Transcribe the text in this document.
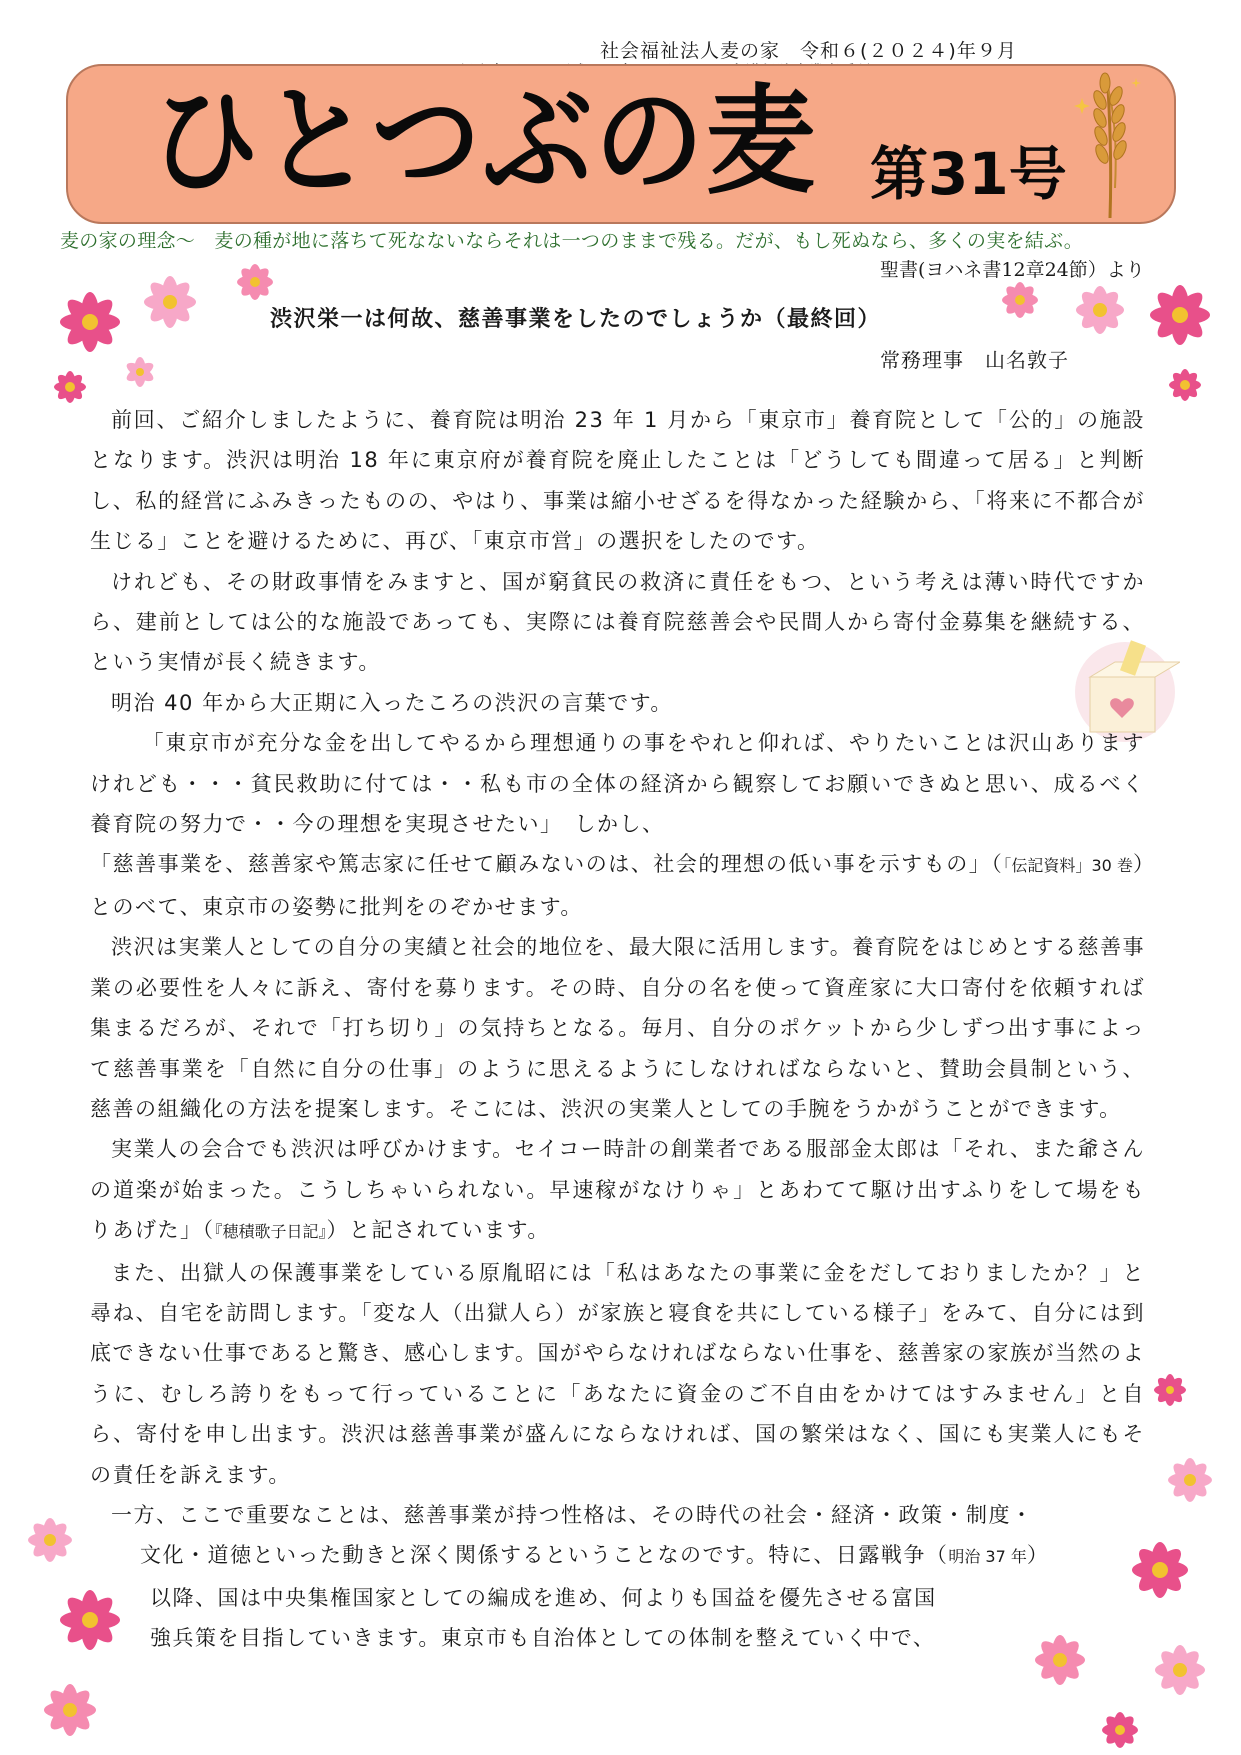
社会福祉法人麦の家　令和６(２０２４)年９月
ひとつぶの麦 第31号
麦の家の理念～　麦の種が地に落ちて死なないならそれは一つのままで残る。だが、もし死ぬなら、多くの実を結ぶ。
聖書(ヨハネ書12章24節）より
渋沢栄一は何故、慈善事業をしたのでしょうか（最終回）
常務理事　山名敦子

前回、ご紹介しましたように、養育院は明治 23 年 1 月から「東京市」養育院として「公的」の施設となります。渋沢は明治 18 年に東京府が養育院を廃止したことは「どうしても間違って居る」と判断し、私的経営にふみきったものの、やはり、事業は縮小せざるを得なかった経験から、「将来に不都合が生じる」ことを避けるために、再び、「東京市営」の選択をしたのです。

けれども、その財政事情をみますと、国が窮貧民の救済に責任をもつ、という考えは薄い時代ですから、建前としては公的な施設であっても、実際には養育院慈善会や民間人から寄付金募集を継続する、という実情が長く続きます。

明治 40 年から大正期に入ったころの渋沢の言葉です。

「東京市が充分な金を出してやるから理想通りの事をやれと仰れば、やりたいことは沢山ありますけれども・・・貧民救助に付ては・・私も市の全体の経済から観察してお願いできぬと思い、成るべく養育院の努力で・・今の理想を実現させたい」　しかし、

「慈善事業を、慈善家や篤志家に任せて顧みないのは、社会的理想の低い事を示すもの」（「伝記資料」30 巻）とのべて、東京市の姿勢に批判をのぞかせます。

渋沢は実業人としての自分の実績と社会的地位を、最大限に活用します。養育院をはじめとする慈善事業の必要性を人々に訴え、寄付を募ります。その時、自分の名を使って資産家に大口寄付を依頼すれば集まるだろが、それで「打ち切り」の気持ちとなる。毎月、自分のポケットから少しずつ出す事によって慈善事業を「自然に自分の仕事」のように思えるようにしなければならないと、賛助会員制という、慈善の組織化の方法を提案します。そこには、渋沢の実業人としての手腕をうかがうことができます。

実業人の会合でも渋沢は呼びかけます。セイコー時計の創業者である服部金太郎は「それ、また爺さんの道楽が始まった。こうしちゃいられない。早速稼がなけりゃ」とあわてて駆け出すふりをして場をもりあげた」（『穂積歌子日記』）と記されています。

また、出獄人の保護事業をしている原胤昭には「私はあなたの事業に金をだしておりましたか？」と尋ね、自宅を訪問します。「変な人（出獄人ら）が家族と寝食を共にしている様子」をみて、自分には到底できない仕事であると驚き、感心します。国がやらなければならない仕事を、慈善家の家族が当然のように、むしろ誇りをもって行っていることに「あなたに資金のご不自由をかけてはすみません」と自ら、寄付を申し出ます。渋沢は慈善事業が盛んにならなければ、国の繁栄はなく、国にも実業人にもその責任を訴えます。

一方、ここで重要なことは、慈善事業が持つ性格は、その時代の社会・経済・政策・制度・

文化・道徳といった動きと深く関係するということなのです。特に、日露戦争（明治 37 年）

以降、国は中央集権国家としての編成を進め、何よりも国益を優先させる富国

強兵策を目指していきます。東京市も自治体としての体制を整えていく中で、
